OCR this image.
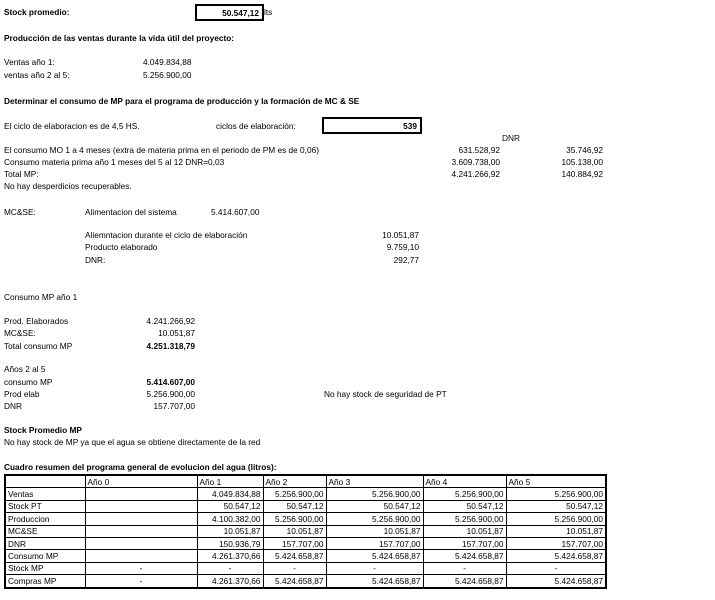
Stock promedio:	50.547,12 lts
Producción de las ventas durante la vida útil del proyecto:
Ventas año 1:	4.049.834,88
ventas año 2 al 5:	5.256.900,00
Determinar el consumo de MP para el programa de producción y la formación de MC & SE
El ciclo de elaboracion es de 4,5 HS.	ciclos de elaboración:	539
DNR
El consumo MO 1 a 4 meses (extra de materia prima en el periodo de PM es de 0,06)	631.528,92	35.746,92
Consumo materia prima año 1 meses del 5 al 12 DNR=0,03	3.609.738,00	105.138,00
Total MP:	4.241.266,92	140.884,92
No hay desperdicios recuperables.
MC&SE:	Alimentacion del sistema	5.414.607,00
Aliemntacion durante el ciclo de elaboración	10.051,87
Producto elaborado	9.759,10
DNR:	292,77
Consumo MP año 1
Prod. Elaborados	4.241.266,92
MC&SE:	10.051,87
Total consumo MP	4.251.318,79
Años 2 al 5
consumo MP	5.414.607,00
Prod elab	5.256.900,00	No hay stock de seguridad de PT
DNR	157.707,00
Stock Promedio MP
No hay stock de MP ya que el agua se obtiene directamente de la red
Cuadro resumen del programa general de evolucion del agua (litros):
	Año 0	Año 1	Año 2	Año 3	Año 4	Año 5
Ventas		4.049.834,88	5.256.900,00	5.256.900,00	5.256.900,00	5.256.900,00
Stock PT		50.547,12	50.547,12	50.547,12	50.547,12	50.547,12
Produccion		4.100.382,00	5.256.900,00	5.256.900,00	5.256.900,00	5.256.900,00
MC&SE		10.051,87	10.051,87	10.051,87	10.051,87	10.051,87
DNR		150.936,79	157.707,00	157.707,00	157.707,00	157.707,00
Consumo MP		4.261.370,66	5.424.658,87	5.424.658,87	5.424.658,87	5.424.658,87
Stock MP	-	-	-	-	-	-
Compras MP	-	4.261.370,66	5.424.658,87	5.424.658,87	5.424.658,87	5.424.658,87
